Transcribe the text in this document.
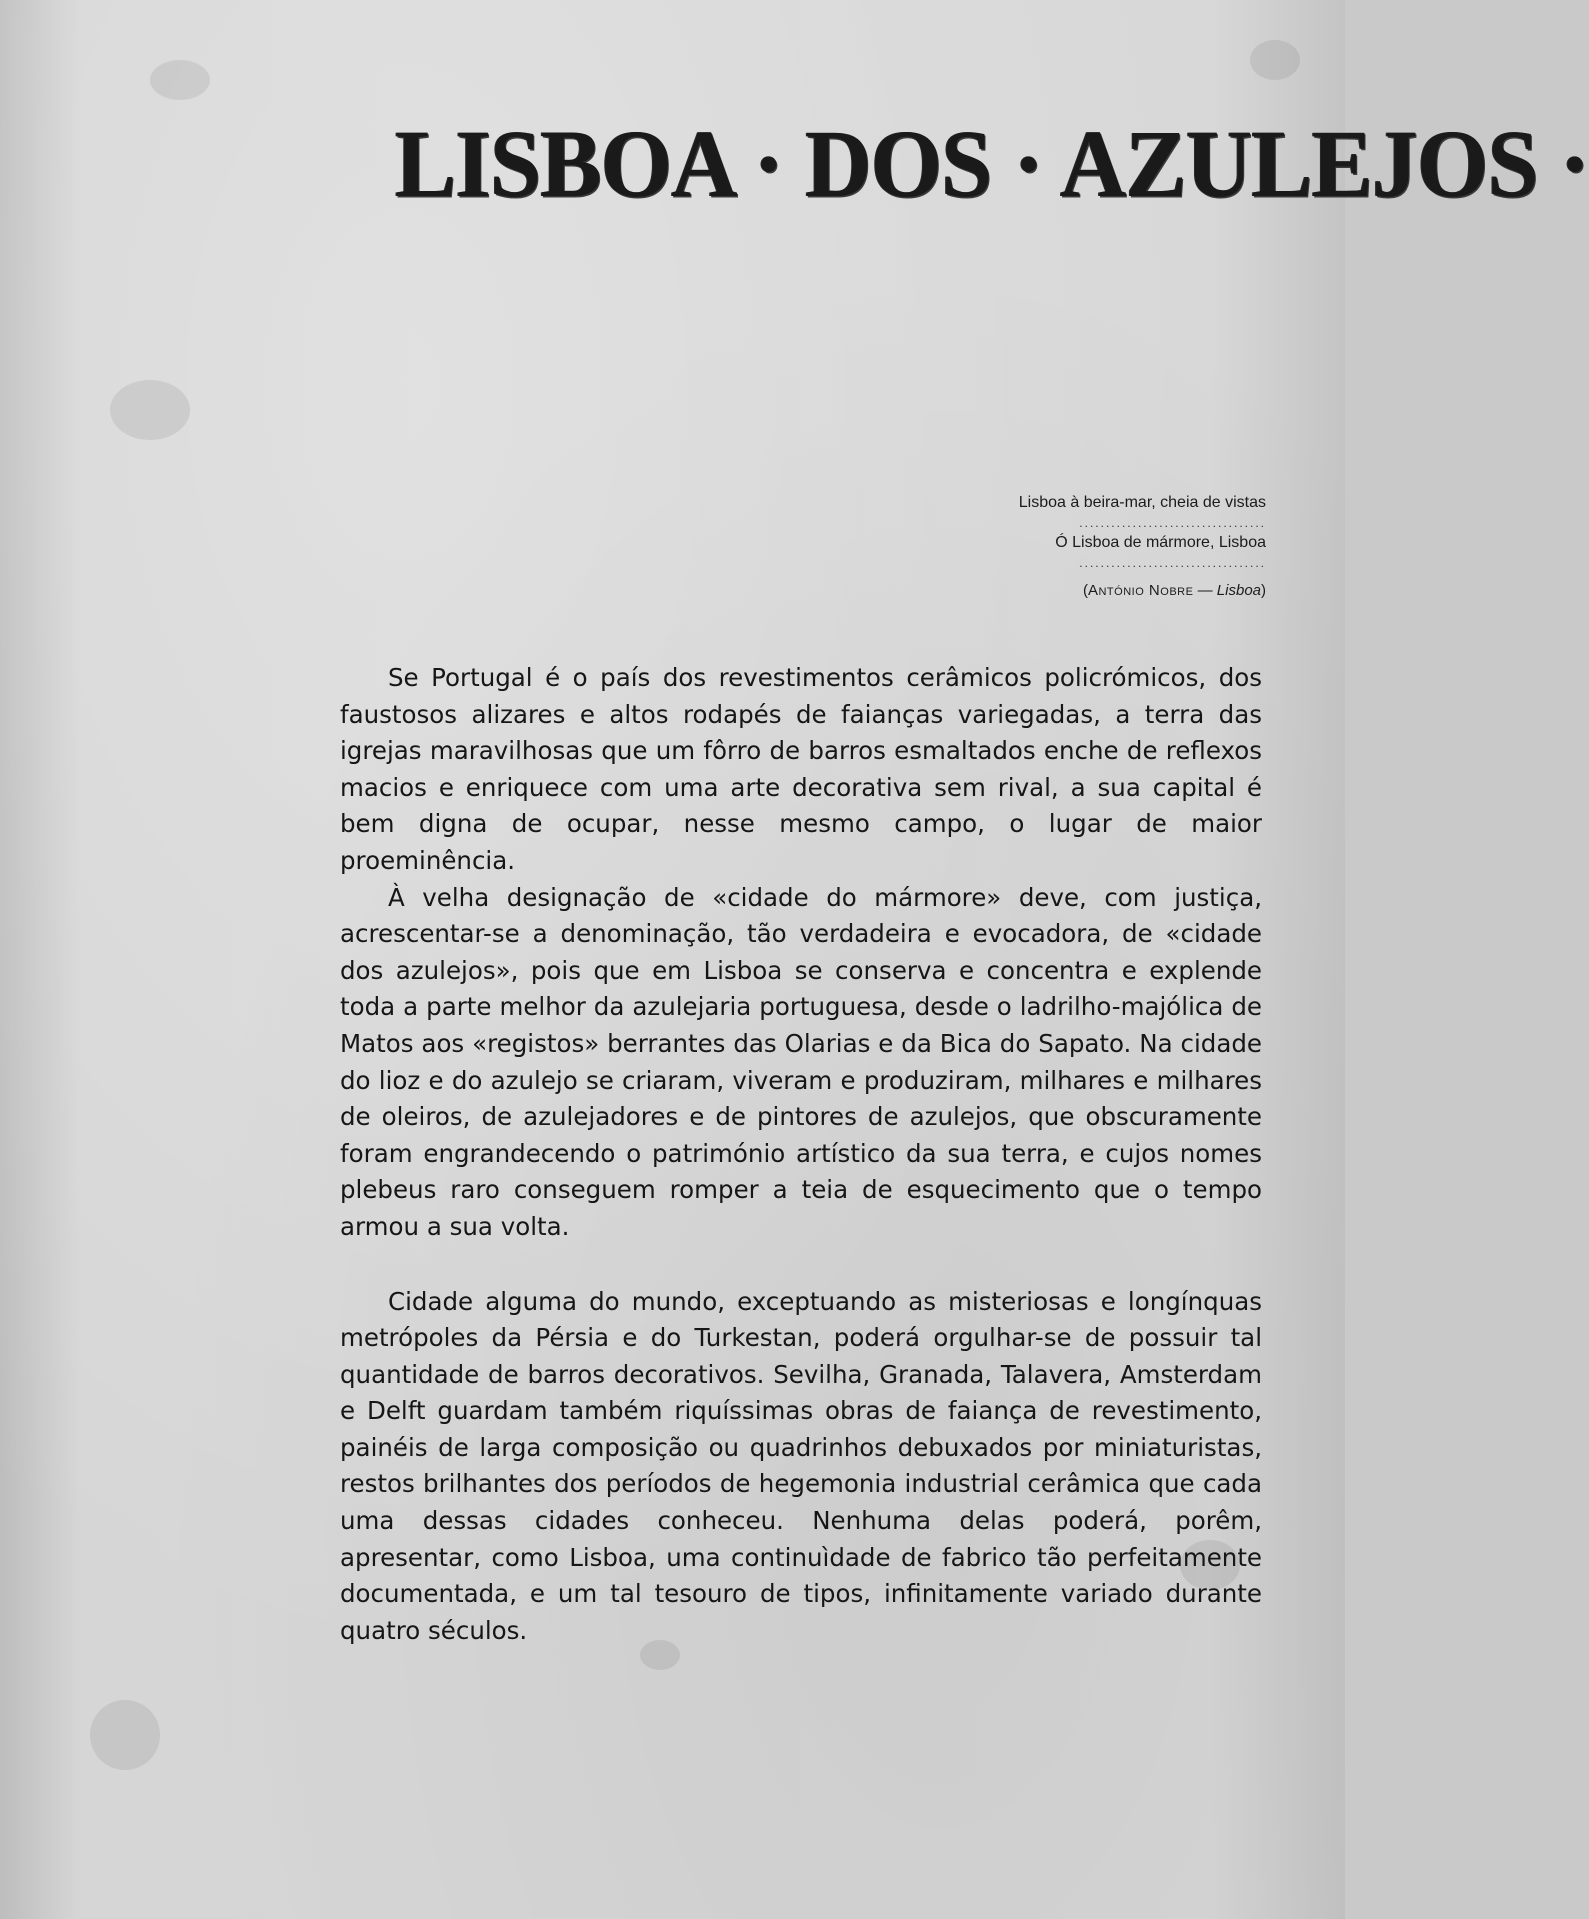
LISBOA · DOS · AZULEJOS ·
Lisboa à beira-mar, cheia de vistas
...................................
Ó Lisboa de mármore, Lisboa
...................................
(António Nobre — Lisboa)

Se Portugal é o país dos revestimentos cerâmicos policrómicos, dos faustosos alizares e altos rodapés de faianças variegadas, a terra das igrejas maravilhosas que um fôrro de barros esmaltados enche de reflexos macios e enriquece com uma arte decorativa sem rival, a sua capital é bem digna de ocupar, nesse mesmo campo, o lugar de maior proeminência.

À velha designação de «cidade do mármore» deve, com justiça, acrescentar-se a denominação, tão verdadeira e evocadora, de «cidade dos azulejos», pois que em Lisboa se conserva e concentra e explende toda a parte melhor da azulejaria portuguesa, desde o ladrilho-majólica de Matos aos «registos» berrantes das Olarias e da Bica do Sapato. Na cidade do lioz e do azulejo se criaram, viveram e produziram, milhares e milhares de oleiros, de azulejadores e de pintores de azulejos, que obscuramente foram engrandecendo o património artístico da sua terra, e cujos nomes plebeus raro conseguem romper a teia de esquecimento que o tempo armou a sua volta.

Cidade alguma do mundo, exceptuando as misteriosas e longínquas metrópoles da Pérsia e do Turkestan, poderá orgulhar-se de possuir tal quantidade de barros decorativos. Sevilha, Granada, Talavera, Amsterdam e Delft guardam também riquíssimas obras de faiança de revestimento, painéis de larga composição ou quadrinhos debuxados por miniaturistas, restos brilhantes dos períodos de hegemonia industrial cerâmica que cada uma dessas cidades conheceu. Nenhuma delas poderá, porêm, apresentar, como Lisboa, uma continuìdade de fabrico tão perfeitamente documentada, e um tal tesouro de tipos, infinitamente variado durante quatro séculos.
